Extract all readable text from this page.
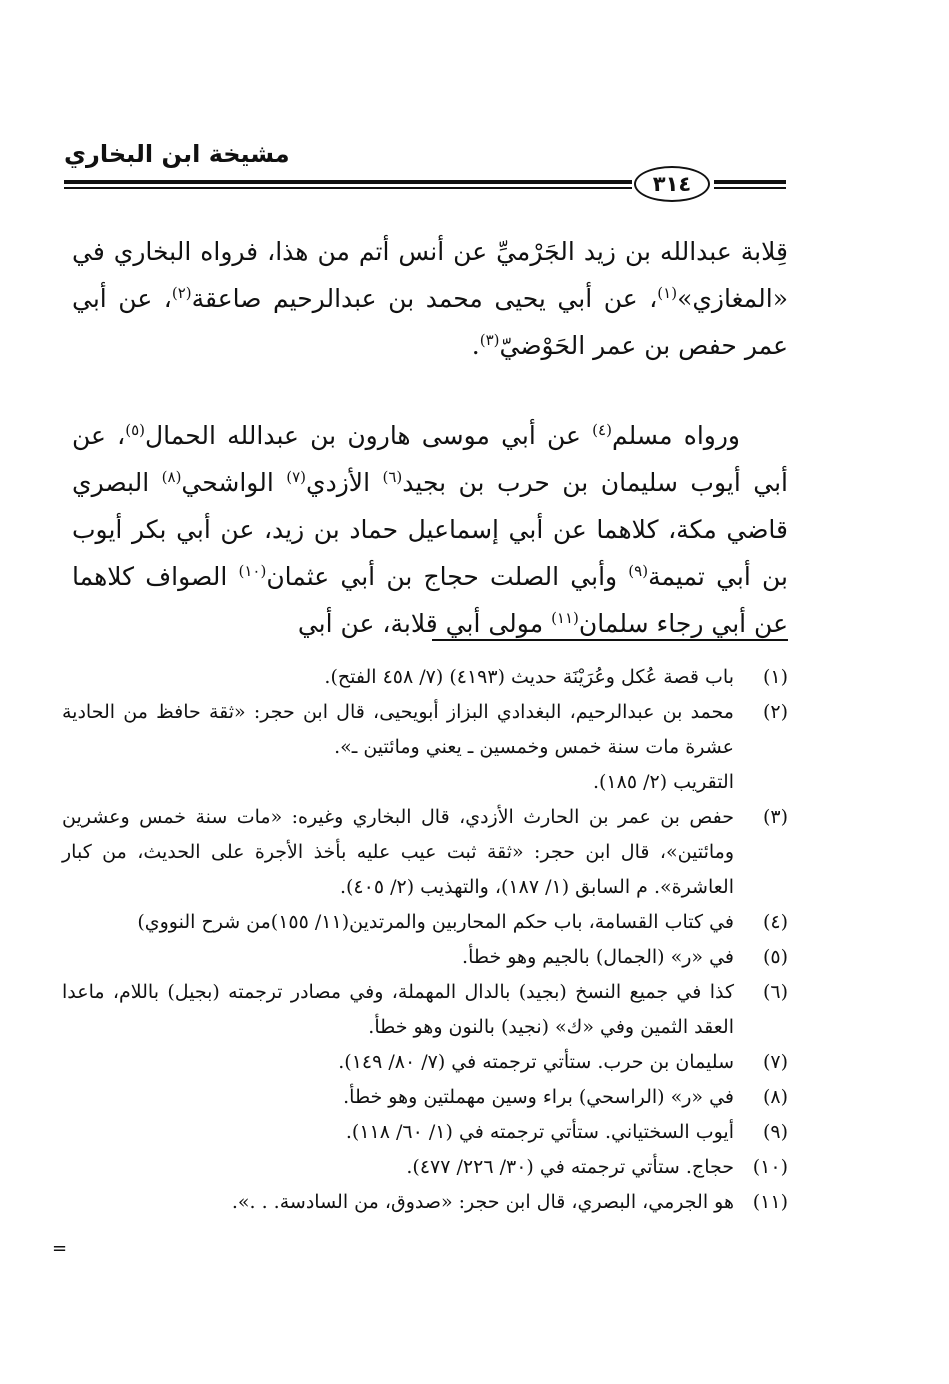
مشيخة ابن البخاري
٣١٤

قِلابة عبدالله بن زيد الجَرْميِّ عن أنس أتم من هذا، فرواه البخاري في «المغازي»$^{(١)}$، عن أبي يحيى محمد بن عبدالرحيم صاعقة$^{(٢)}$، عن أبي عمر حفص بن عمر الحَوْضيّ$^{(٣)}$.

ورواه مسلم$^{(٤)}$ عن أبي موسى هارون بن عبدالله الحمال$^{(٥)}$، عن أبي أيوب سليمان بن حرب بن بجيد$^{(٦)}$ الأزدي$^{(٧)}$ الواشحي$^{(٨)}$ البصري قاضي مكة، كلاهما عن أبي إسماعيل حماد بن زيد، عن أبي بكر أيوب بن أبي تميمة$^{(٩)}$ وأبي الصلت حجاج بن أبي عثمان$^{(١٠)}$ الصواف كلاهما عن أبي رجاء سلمان$^{(١١)}$ مولى أبي قلابة، عن أبي

(١)
باب قصة عُكل وعُرَيْنَة حديث (٤١٩٣) (٧/ ٤٥٨ الفتح).
(٢)
محمد بن عبدالرحيم، البغدادي البزاز أبويحيى، قال ابن حجر: «ثقة حافظ من الحادية عشرة مات سنة خمس وخمسين ـ يعني ومائتين ـ».
التقريب (٢/ ١٨٥).
(٣)
حفص بن عمر بن الحارث الأزدي، قال البخاري وغيره: «مات سنة خمس وعشرين ومائتين»، قال ابن حجر: «ثقة ثبت عيب عليه بأخذ الأجرة على الحديث، من كبار العاشرة». م السابق (١/ ١٨٧)، والتهذيب (٢/ ٤٠٥).
(٤)
في كتاب القسامة، باب حكم المحاربين والمرتدين(١١/ ١٥٥)من شرح النووي)
(٥)
في «ر» (الجمال) بالجيم وهو خطأ.
(٦)
كذا في جميع النسخ (بجيد) بالدال المهملة، وفي مصادر ترجمته (بجيل) باللام، ماعدا العقد الثمين وفي «ك» (نجيد) بالنون وهو خطأ.
(٧)
سليمان بن حرب. ستأتي ترجمته في (٧/ ٨٠/ ١٤٩).
(٨)
في «ر» (الراسحي) براء وسين مهملتين وهو خطأ.
(٩)
أيوب السختياني. ستأتي ترجمته في (١/ ٦٠/ ١١٨).
(١٠)
حجاج. ستأتي ترجمته في (٣٠/ ٢٢٦/ ٤٧٧).
(١١)
هو الجرمي، البصري، قال ابن حجر: «صدوق، من السادسة. . .».
=
